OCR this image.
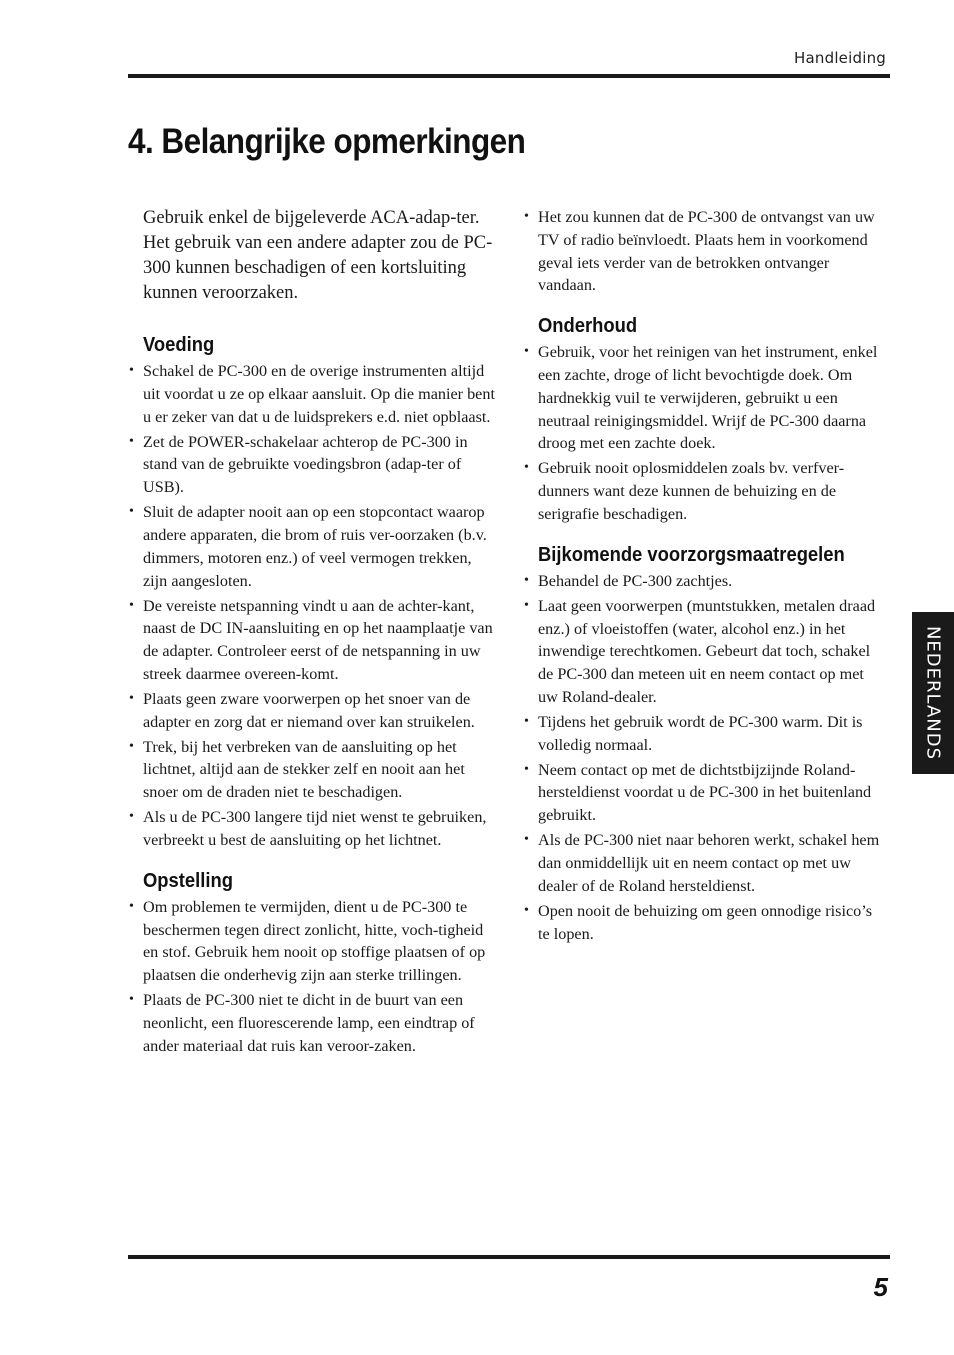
Handleiding
4. Belangrijke opmerkingen

Gebruik enkel de bijgeleverde ACA-adap-ter. Het gebruik van een andere adapter zou de PC-300 kunnen beschadigen of een kortsluiting kunnen veroorzaken.

Voeding
• Schakel de PC-300 en de overige instrumenten altijd uit voordat u ze op elkaar aansluit. Op die manier bent u er zeker van dat u de luidsprekers e.d. niet opblaast.
• Zet de POWER-schakelaar achterop de PC-300 in stand van de gebruikte voedingsbron (adap-ter of USB).
• Sluit de adapter nooit aan op een stopcontact waarop andere apparaten, die brom of ruis ver-oorzaken (b.v. dimmers, motoren enz.) of veel vermogen trekken, zijn aangesloten.
• De vereiste netspanning vindt u aan de achter-kant, naast de DC IN-aansluiting en op het naamplaatje van de adapter. Controleer eerst of de netspanning in uw streek daarmee overeen-komt.
• Plaats geen zware voorwerpen op het snoer van de adapter en zorg dat er niemand over kan struikelen.
• Trek, bij het verbreken van de aansluiting op het lichtnet, altijd aan de stekker zelf en nooit aan het snoer om de draden niet te beschadigen.
• Als u de PC-300 langere tijd niet wenst te gebruiken, verbreekt u best de aansluiting op het lichtnet.
Opstelling
• Om problemen te vermijden, dient u de PC-300 te beschermen tegen direct zonlicht, hitte, voch-tigheid en stof. Gebruik hem nooit op stoffige plaatsen of op plaatsen die onderhevig zijn aan sterke trillingen.
• Plaats de PC-300 niet te dicht in de buurt van een neonlicht, een fluorescerende lamp, een eindtrap of ander materiaal dat ruis kan veroor-zaken.
• Het zou kunnen dat de PC-300 de ontvangst van uw TV of radio beïnvloedt. Plaats hem in voorkomend geval iets verder van de betrokken ontvanger vandaan.
Onderhoud
• Gebruik, voor het reinigen van het instrument, enkel een zachte, droge of licht bevochtigde doek. Om hardnekkig vuil te verwijderen, gebruikt u een neutraal reinigingsmiddel. Wrijf de PC-300 daarna droog met een zachte doek.
• Gebruik nooit oplosmiddelen zoals bv. verfver-dunners want deze kunnen de behuizing en de serigrafie beschadigen.
Bijkomende voorzorgsmaatregelen
• Behandel de PC-300 zachtjes.
• Laat geen voorwerpen (muntstukken, metalen draad enz.) of vloeistoffen (water, alcohol enz.) in het inwendige terechtkomen. Gebeurt dat toch, schakel de PC-300 dan meteen uit en neem contact op met uw Roland-dealer.
• Tijdens het gebruik wordt de PC-300 warm. Dit is volledig normaal.
• Neem contact op met de dichtstbijzijnde Roland-hersteldienst voordat u de PC-300 in het buitenland gebruikt.
• Als de PC-300 niet naar behoren werkt, schakel hem dan onmiddellijk uit en neem contact op met uw dealer of de Roland hersteldienst.
• Open nooit de behuizing om geen onnodige risico’s te lopen.
NEDERLANDS
5
